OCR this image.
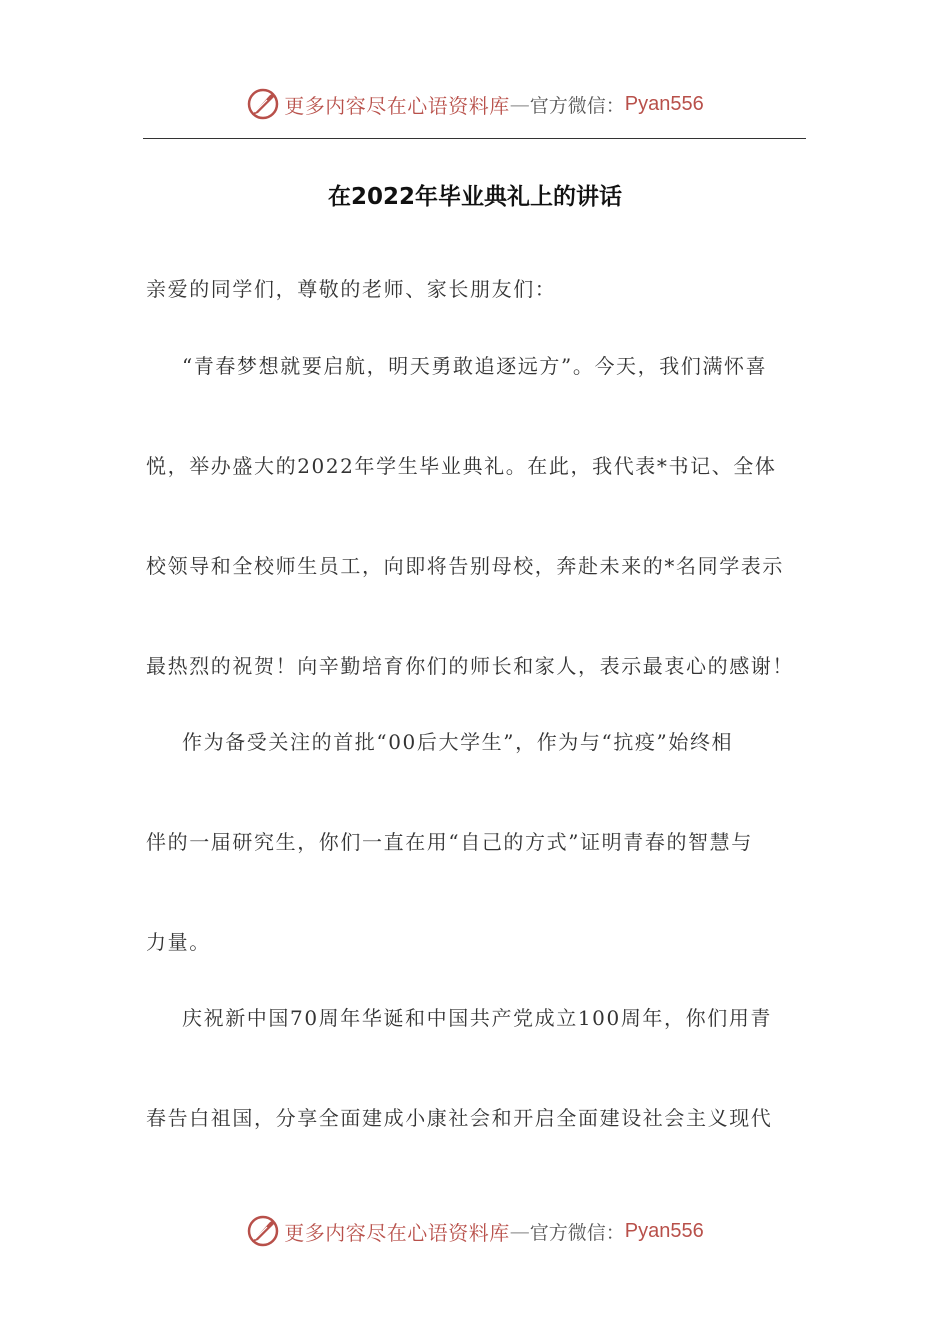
更多内容尽在心语资料库 — 官方微信： Pyan556
在2022年毕业典礼上的讲话
亲爱的同学们，尊敬的老师、家长朋友们：
“青春梦想就要启航，明天勇敢追逐远方”。今天，我们满怀喜
悦，举办盛大的2022年学生毕业典礼。在此，我代表*书记、全体
校领导和全校师生员工，向即将告别母校，奔赴未来的*名同学表示
最热烈的祝贺！向辛勤培育你们的师长和家人，表示最衷心的感谢！
作为备受关注的首批“00后大学生”，作为与“抗疫”始终相
伴的一届研究生，你们一直在用“自己的方式”证明青春的智慧与
力量。
庆祝新中国70周年华诞和中国共产党成立100周年，你们用青
春告白祖国，分享全面建成小康社会和开启全面建设社会主义现代
更多内容尽在心语资料库 — 官方微信： Pyan556
